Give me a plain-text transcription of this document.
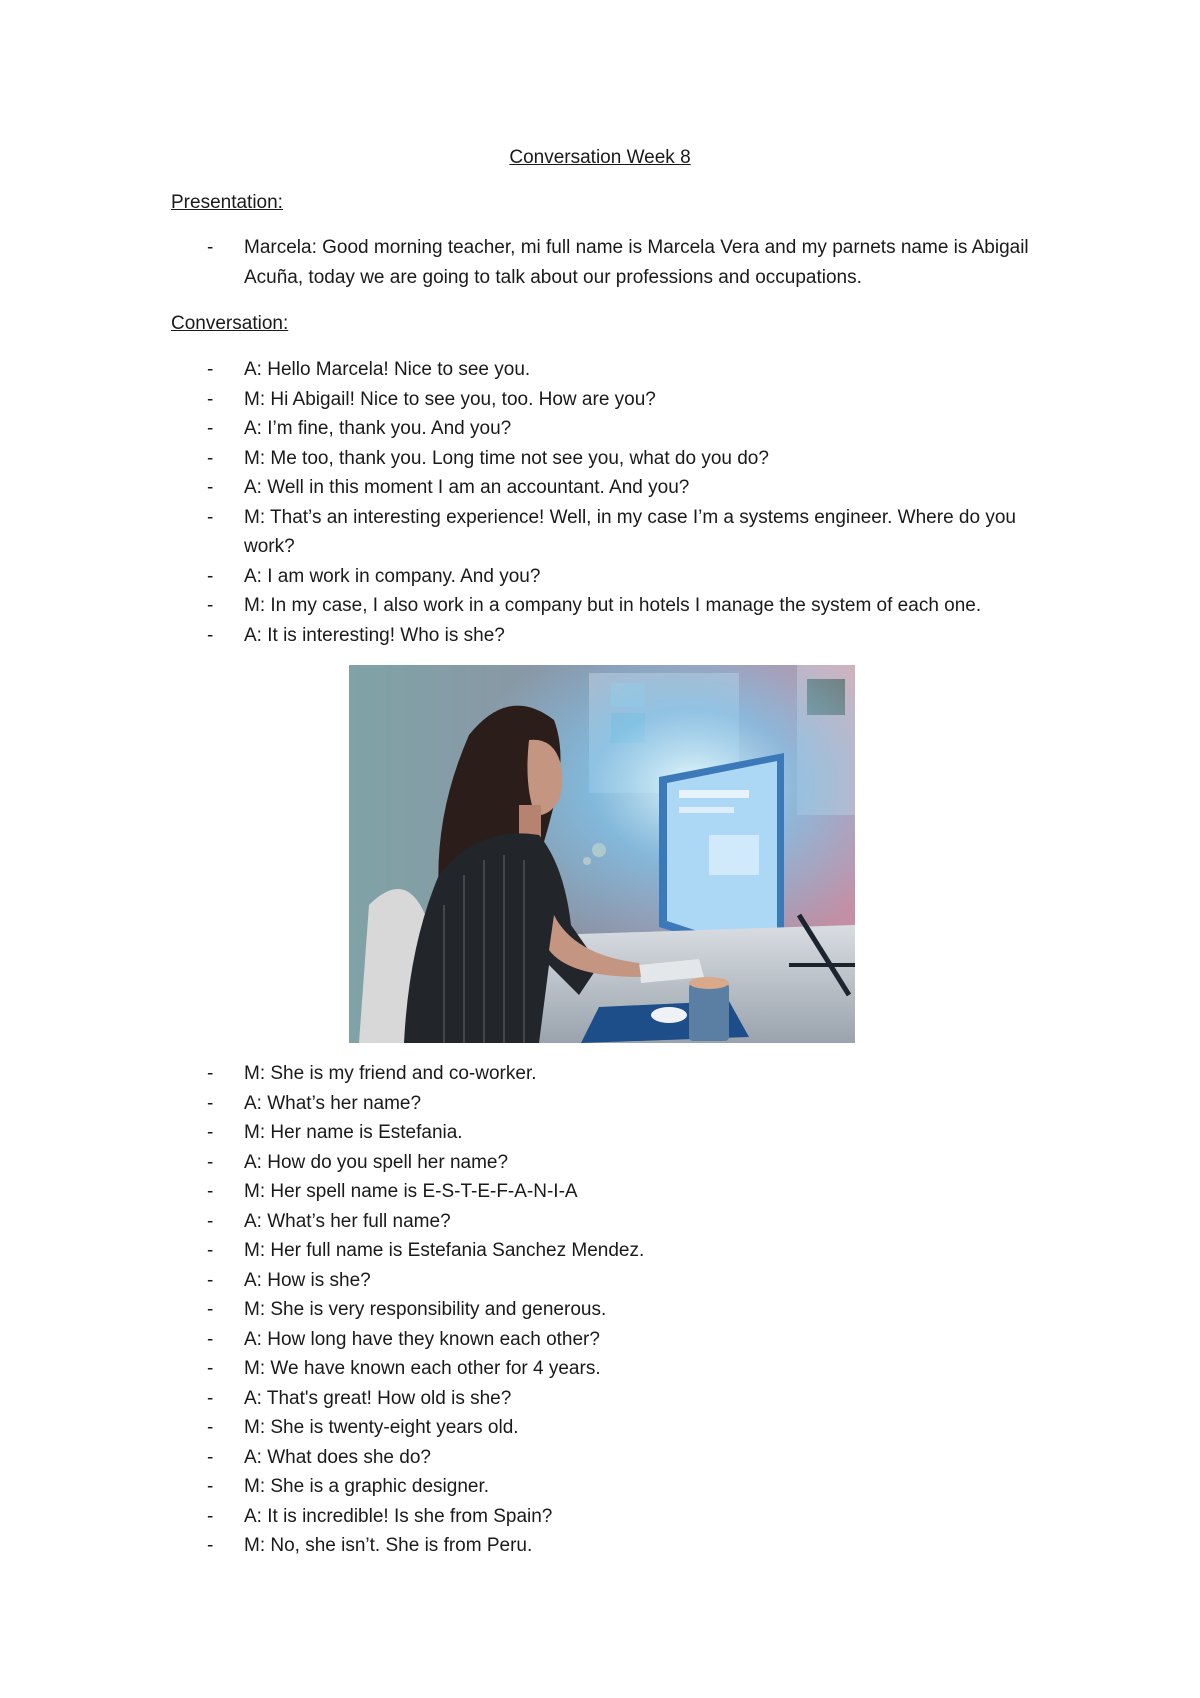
Conversation Week 8
Presentation:
- Marcela: Good morning teacher, mi full name is Marcela Vera and my parnets name is Abigail Acuña, today we are going to talk about our professions and occupations.
Conversation:
- A: Hello Marcela! Nice to see you.
- M: Hi Abigail! Nice to see you, too. How are you?
- A: I’m fine, thank you. And you?
- M: Me too, thank you. Long time not see you, what do you do?
- A: Well in this moment I am an accountant. And you?
- M: That’s an interesting experience! Well, in my case I’m a systems engineer. Where do you work?
- A: I am work in company. And you?
- M: In my case, I also work in a company but in hotels I manage the system of each one.
- A: It is interesting! Who is she?
- M: She is my friend and co-worker.
- A: What’s her name?
- M: Her name is Estefania.
- A: How do you spell her name?
- M: Her spell name is E-S-T-E-F-A-N-I-A
- A: What’s her full name?
- M: Her full name is Estefania Sanchez Mendez.
- A: How is she?
- M: She is very responsibility and generous.
- A: How long have they known each other?
- M: We have known each other for 4 years.
- A: That's great! How old is she?
- M: She is twenty-eight years old.
- A: What does she do?
- M: She is a graphic designer.
- A: It is incredible! Is she from Spain?
- M: No, she isn’t. She is from Peru.
